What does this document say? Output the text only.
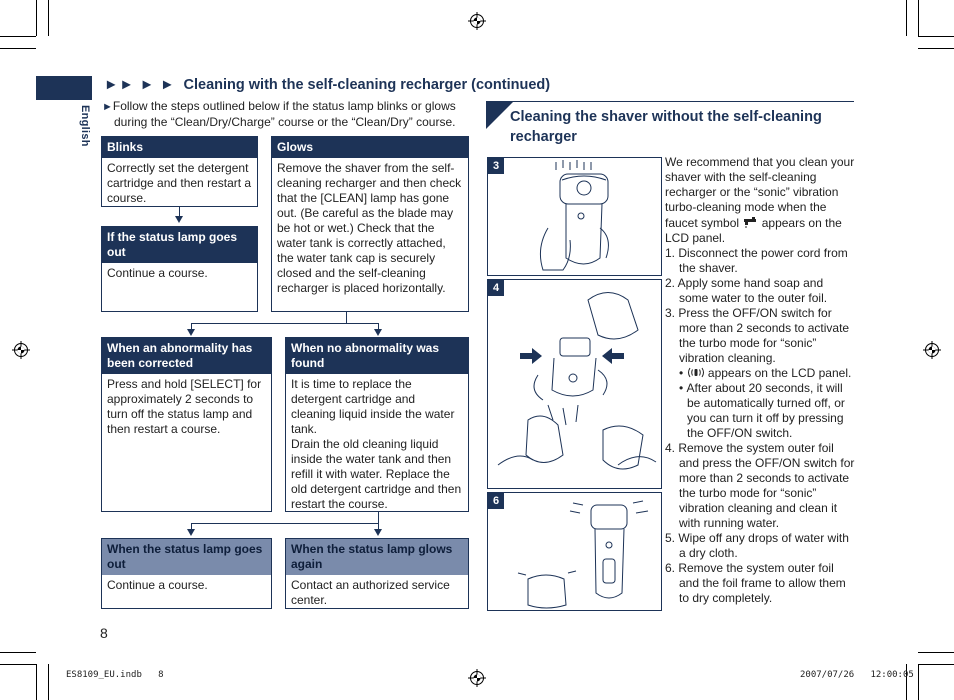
English
►► ► ► Cleaning with the self-cleaning recharger (continued)
►Follow the steps outlined below if the status lamp blinks or glows during the “Clean/Dry/Charge” course or the “Clean/Dry” course.
Blinks
Correctly set the detergent cartridge and then restart a course.
If the status lamp goes out
Continue a course.
Glows
Remove the shaver from the self-cleaning recharger and then check that the [CLEAN] lamp has gone out. (Be careful as the blade may be hot or wet.) Check that the water tank is correctly attached, the water tank cap is securely closed and the self-cleaning recharger is placed horizontally.
When an abnormality has been corrected
Press and hold [SELECT] for approximately 2 seconds to turn off the status lamp and then restart a course.
When no abnormality was found
It is time to replace the detergent cartridge and cleaning liquid inside the water tank.
Drain the old cleaning liquid inside the water tank and then refill it with water. Replace the old detergent cartridge and then restart the course.
When the status lamp goes out
Continue a course.
When the status lamp glows again
Contact an authorized service center.
Cleaning the shaver without the self-cleaning recharger
3
4
6

We recommend that you clean your shaver with the self-cleaning recharger or the “sonic” vibration turbo-cleaning mode when the faucet symbol appears on the LCD panel.

1. Disconnect the power cord from the shaver.
2. Apply some hand soap and some water to the outer foil.
3. Press the OFF/ON switch for more than 2 seconds to activate the turbo mode for “sonic” vibration cleaning.
•  appears on the LCD panel.
• After about 20 seconds, it will be automatically turned off, or you can turn it off by pressing the OFF/ON switch.
4. Remove the system outer foil and press the OFF/ON switch for more than 2 seconds to activate the turbo mode for “sonic” vibration cleaning and clean it with running water.
5. Wipe off any drops of water with a dry cloth.
6. Remove the system outer foil and the foil frame to allow them to dry completely.
8
ES8109_EU.indb   8	2007/07/26   12:00:05
